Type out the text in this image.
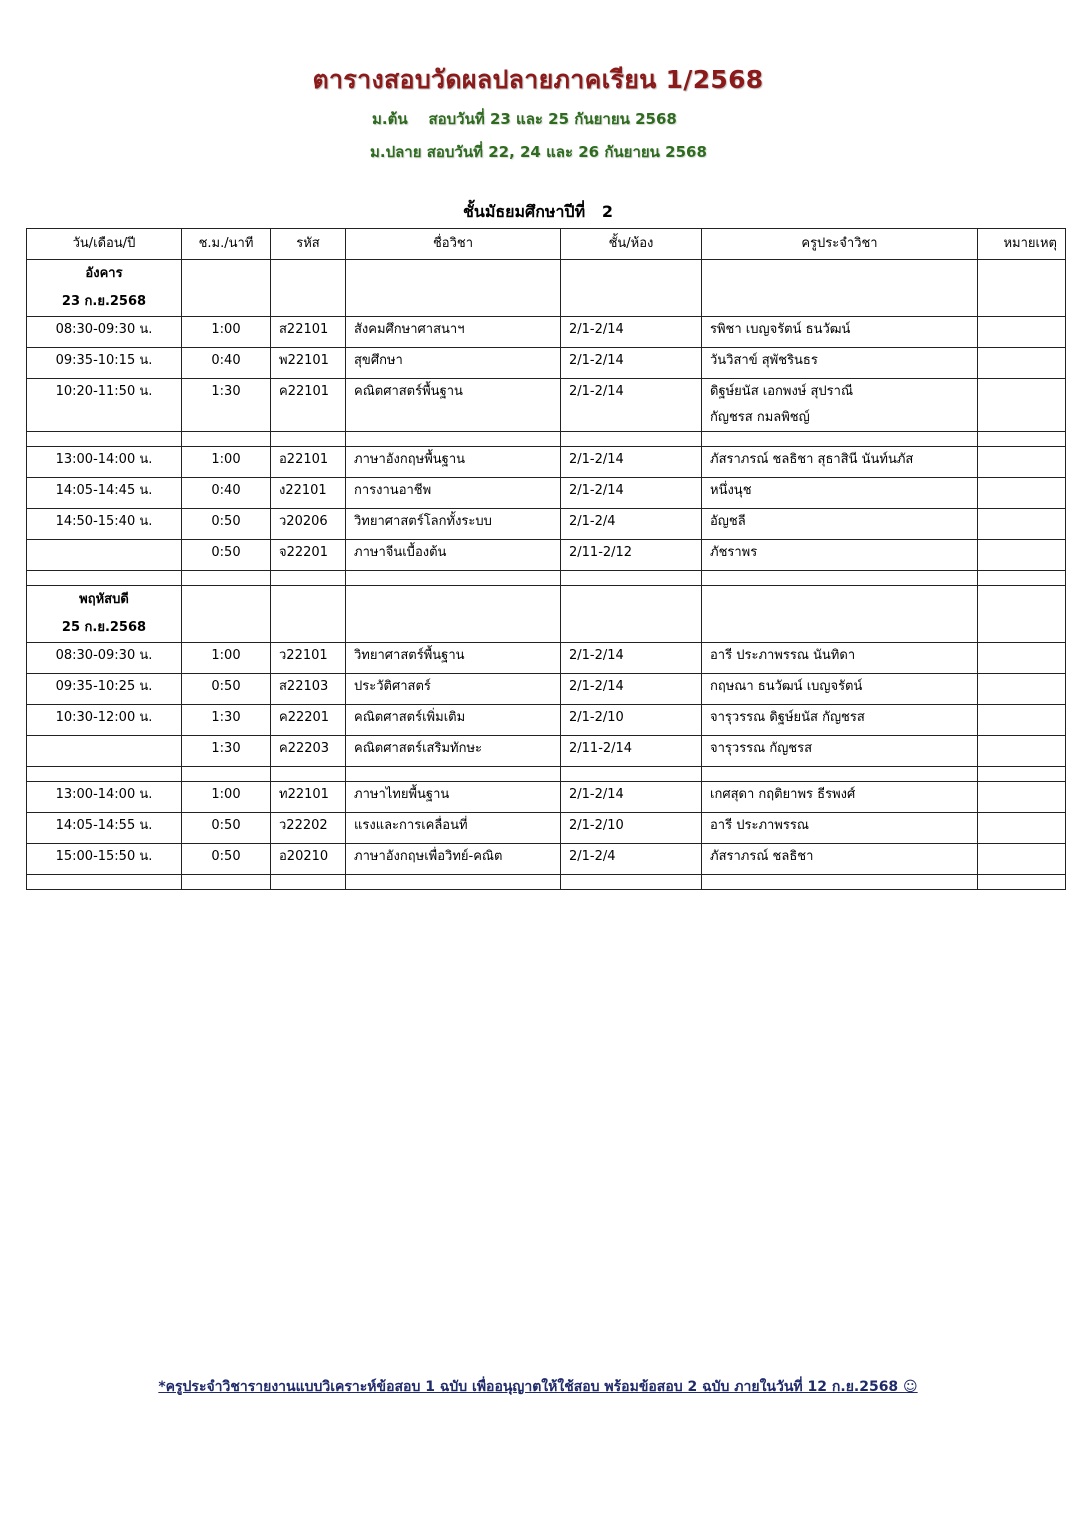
ตารางสอบวัดผลปลายภาคเรียน 1/2568
ม.ต้น    สอบวันที่ 23 และ 25 กันยายน 2568
ม.ปลาย สอบวันที่ 22, 24 และ 26 กันยายน 2568
ชั้นมัธยมศึกษาปีที่   2
วัน/เดือน/ปี	ช.ม./นาที	รหัส	ชื่อวิชา	ชั้น/ห้อง	ครูประจำวิชา	หมายเหตุ

อังคาร
23 ก.ย.2568						

08:30-09:30 น.	1:00	ส22101	สังคมศึกษาศาสนาฯ	2/1-2/14	รพิชา เบญจรัตน์ ธนวัฒน์	

09:35-10:15 น.	0:40	พ22101	สุขศึกษา	2/1-2/14	วันวิสาข์ สุพัชรินธร	

10:20-11:50 น.	1:30	ค22101	คณิตศาสตร์พื้นฐาน	2/1-2/14	ดิฐษ์ยนัส เอกพงษ์ สุปราณี
กัญชรส กมลพิชญ์	

13:00-14:00 น.	1:00	อ22101	ภาษาอังกฤษพื้นฐาน	2/1-2/14	ภัสราภรณ์ ชลธิชา สุธาสินี นันท์นภัส	

14:05-14:45 น.	0:40	ง22101	การงานอาชีพ	2/1-2/14	หนึ่งนุช	

14:50-15:40 น.	0:50	ว20206	วิทยาศาสตร์โลกทั้งระบบ	2/1-2/4	อัญชลี	

	0:50	จ22201	ภาษาจีนเบื้องต้น	2/11-2/12	ภัชราพร	

พฤหัสบดี
25 ก.ย.2568						

08:30-09:30 น.	1:00	ว22101	วิทยาศาสตร์พื้นฐาน	2/1-2/14	อารี ประภาพรรณ นันทิดา	

09:35-10:25 น.	0:50	ส22103	ประวัติศาสตร์	2/1-2/14	กฤษณา ธนวัฒน์ เบญจรัตน์	

10:30-12:00 น.	1:30	ค22201	คณิตศาสตร์เพิ่มเติม	2/1-2/10	จารุวรรณ ดิฐษ์ยนัส กัญชรส	

	1:30	ค22203	คณิตศาสตร์เสริมทักษะ	2/11-2/14	จารุวรรณ กัญชรส	

13:00-14:00 น.	1:00	ท22101	ภาษาไทยพื้นฐาน	2/1-2/14	เกศสุดา กฤติยาพร ธีรพงศ์	

14:05-14:55 น.	0:50	ว22202	แรงและการเคลื่อนที่	2/1-2/10	อารี ประภาพรรณ	

15:00-15:50 น.	0:50	อ20210	ภาษาอังกฤษเพื่อวิทย์-คณิต	2/1-2/4	ภัสราภรณ์ ชลธิชา	

*ครูประจำวิชารายงานแบบวิเคราะห์ข้อสอบ 1 ฉบับ เพื่ออนุญาตให้ใช้สอบ พร้อมข้อสอบ 2 ฉบับ ภายในวันที่ 12 ก.ย.2568 ☺
